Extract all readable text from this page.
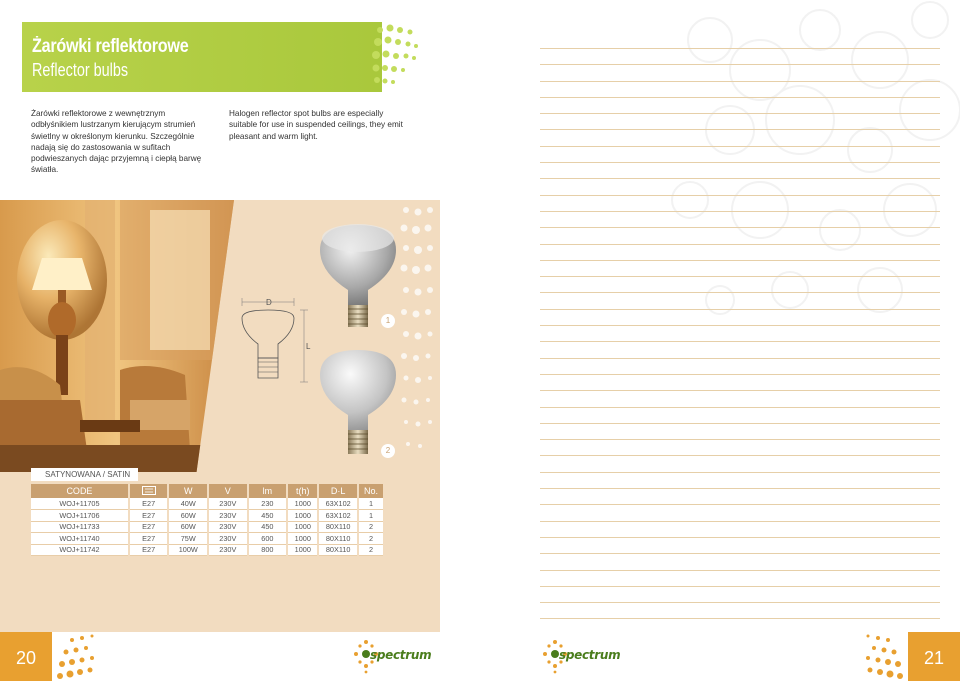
Żarówki reflektorowe
Reflector bulbs
Żarówki reflektorowe z wewnętrznym odbłyśnikiem lustrzanym kierującym strumień świetlny w określonym kierunku. Szczególnie nadają się do zastosowania w sufitach podwieszanych dając przyjemną i ciepłą barwę światła.
Halogen reflector spot bulbs are especially suitable for use in suspended ceilings, they emit pleasant and warm light.
D
L
1
2
SATYNOWANA / SATIN
CODE		W	V	lm	t(h)	D·L	No.
WOJ+11705	E27	40W	230V	230	1000	63X102	1
WOJ+11706	E27	60W	230V	450	1000	63X102	1
WOJ+11733	E27	60W	230V	450	1000	80X110	2
WOJ+11740	E27	75W	230V	600	1000	80X110	2
WOJ+11742	E27	100W	230V	800	1000	80X110	2
20	spectrum	spectrum	21
